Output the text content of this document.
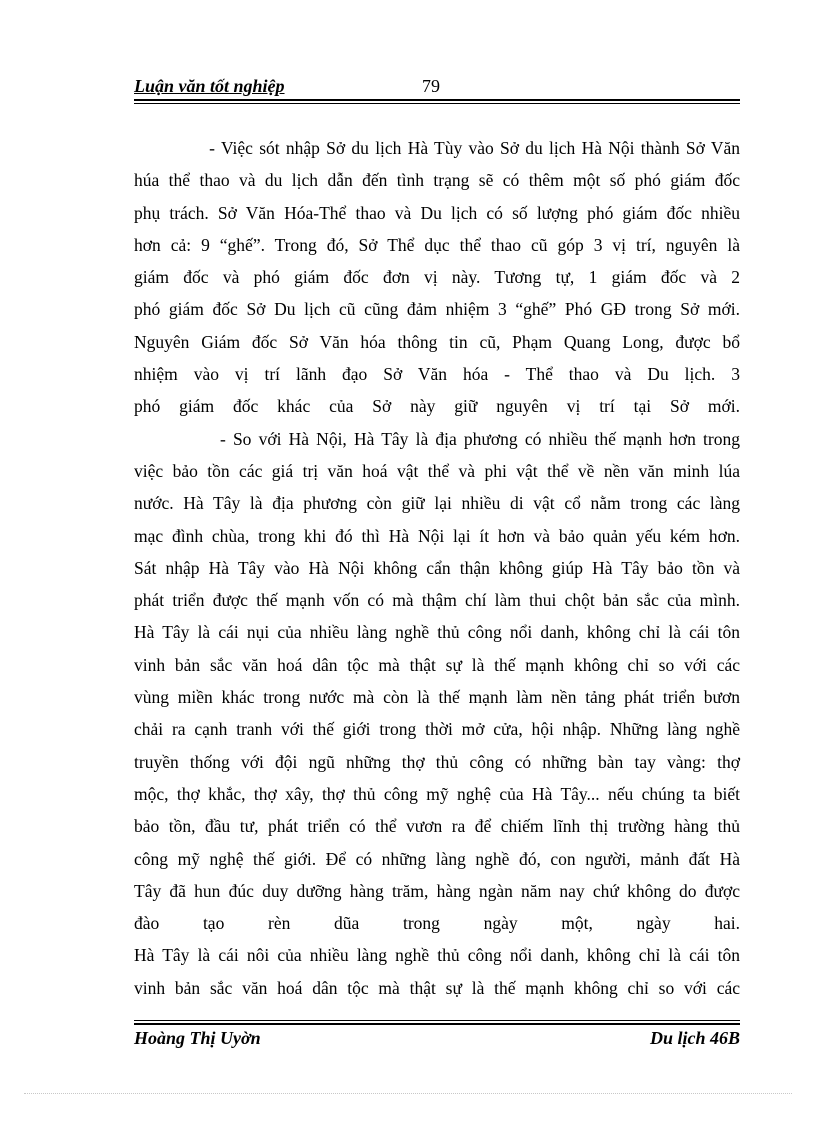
Luận văn tốt nghiệp	79
- Việc sót nhập Sở du lịch Hà Tùy vào Sở du lịch Hà Nội thành Sở Văn
húa thể thao và du lịch dẫn đến tình trạng sẽ có thêm một số phó giám đốc
phụ trách. Sở Văn Hóa-Thể thao và Du lịch có số lượng phó giám đốc nhiều
hơn cả: 9 “ghế”. Trong đó, Sở Thể dục thể thao cũ góp 3 vị trí, nguyên là
giám đốc và phó giám đốc đơn vị này. Tương tự, 1 giám đốc và 2
phó giám đốc Sở Du lịch cũ cũng đảm nhiệm 3 “ghế” Phó GĐ trong Sở mới.
Nguyên Giám đốc Sở Văn hóa thông tin cũ, Phạm Quang Long, được bổ
nhiệm vào vị trí lãnh đạo Sở Văn hóa - Thể thao và Du lịch. 3
phó giám đốc khác của Sở này giữ nguyên vị trí tại Sở mới.
- So với Hà Nội, Hà Tây là địa phương có nhiều thế mạnh hơn trong
việc bảo tồn các giá trị văn hoá vật thể và phi vật thể về nền văn minh lúa
nước. Hà Tây là địa phương còn giữ lại nhiều di vật cổ nằm trong các làng
mạc đình chùa, trong khi đó thì Hà Nội lại ít hơn và bảo quản yếu kém hơn.
Sát nhập Hà Tây vào Hà Nội không cẩn thận không giúp Hà Tây bảo tồn và
phát triển được thế mạnh vốn có mà thậm chí làm thui chột bản sắc của mình.
Hà Tây là cái nụi của nhiều làng nghề thủ công nổi danh, không chỉ là cái tôn
vinh bản sắc văn hoá dân tộc mà thật sự là thế mạnh không chỉ so với các
vùng miền khác trong nước mà còn là thế mạnh làm nền tảng phát triển bươn
chải ra cạnh tranh với thế giới trong thời mở cửa, hội nhập. Những làng nghề
truyền thống với đội ngũ những thợ thủ công có những bàn tay vàng: thợ
mộc, thợ khắc, thợ xây, thợ thủ công mỹ nghệ của Hà Tây... nếu chúng ta biết
bảo tồn, đầu tư, phát triển có thể vươn ra để chiếm lĩnh thị trường hàng thủ
công mỹ nghệ thế giới. Để có những làng nghề đó, con người, mảnh đất Hà
Tây đã hun đúc duy dưỡng hàng trăm, hàng ngàn năm nay chứ không do được
đào tạo rèn dũa trong ngày một, ngày hai.
Hà Tây là cái nôi của nhiều làng nghề thủ công nổi danh, không chỉ là cái tôn
vinh bản sắc văn hoá dân tộc mà thật sự là thế mạnh không chỉ so với các
Hoàng Thị Uyờn	Du lịch 46B
